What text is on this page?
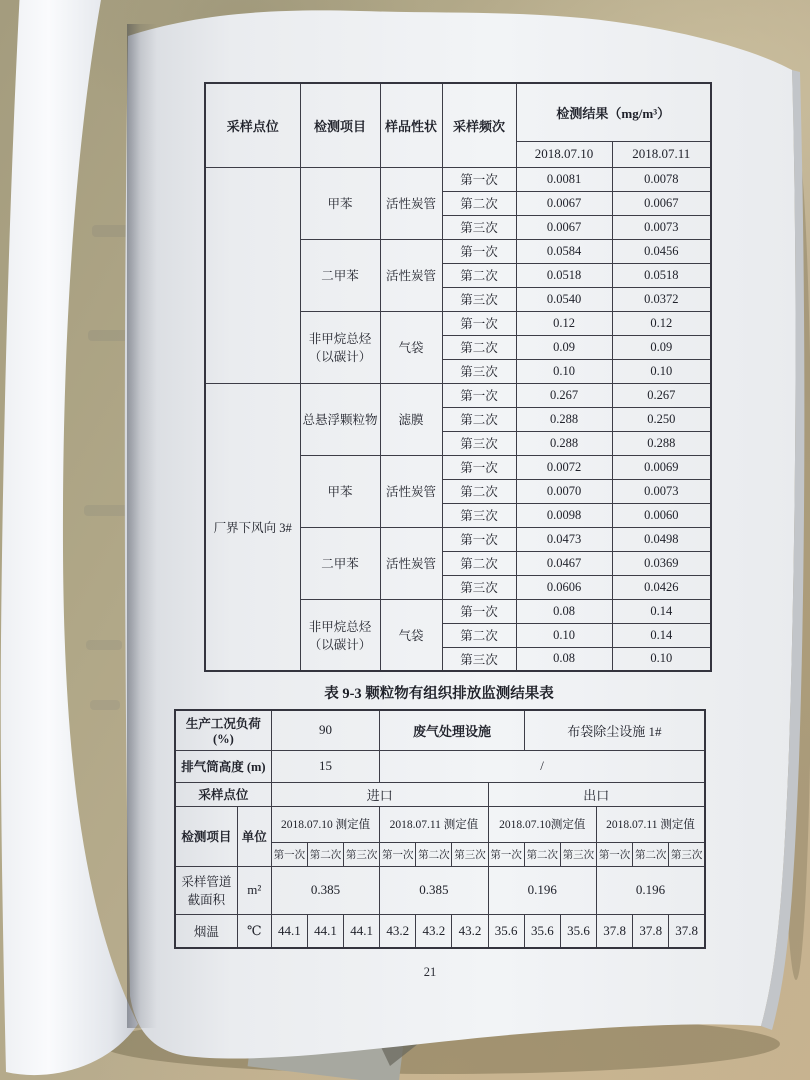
采样点位	检测项目	样品性状	采样频次	检测结果（mg/m³）	
				2018.07.10	2018.07.11
	甲苯	活性炭管	第一次	0.0081	0.0078
			第二次	0.0067	0.0067
			第三次	0.0067	0.0073
	二甲苯	活性炭管	第一次	0.0584	0.0456
			第二次	0.0518	0.0518
			第三次	0.0540	0.0372
	非甲烷总烃（以碳计）	气袋	第一次	0.12	0.12
			第二次	0.09	0.09
			第三次	0.10	0.10
厂界下风向 3#	总悬浮颗粒物	滤膜	第一次	0.267	0.267
			第二次	0.288	0.250
			第三次	0.288	0.288
	甲苯	活性炭管	第一次	0.0072	0.0069
			第二次	0.0070	0.0073
			第三次	0.0098	0.0060
	二甲苯	活性炭管	第一次	0.0473	0.0498
			第二次	0.0467	0.0369
			第三次	0.0606	0.0426
	非甲烷总烃（以碳计）	气袋	第一次	0.08	0.14
			第二次	0.10	0.14
			第三次	0.08	0.10
表 9-3 颗粒物有组织排放监测结果表
生产工况负荷 (%)		90			废气处理设施				布袋除尘设施 1#				
排气筒高度 (m)		15			/								
采样点位		进口						出口					
检测项目	单位	2018.07.10 测定值			2018.07.11 测定值			2018.07.10测定值			2018.07.11 测定值		
		第一次	第二次	第三次	第一次	第二次	第三次	第一次	第二次	第三次	第一次	第二次	第三次
采样管道截面积	m²	0.385			0.385			0.196			0.196		
烟温	℃	44.1	44.1	44.1	43.2	43.2	43.2	35.6	35.6	35.6	37.8	37.8	37.8
21
